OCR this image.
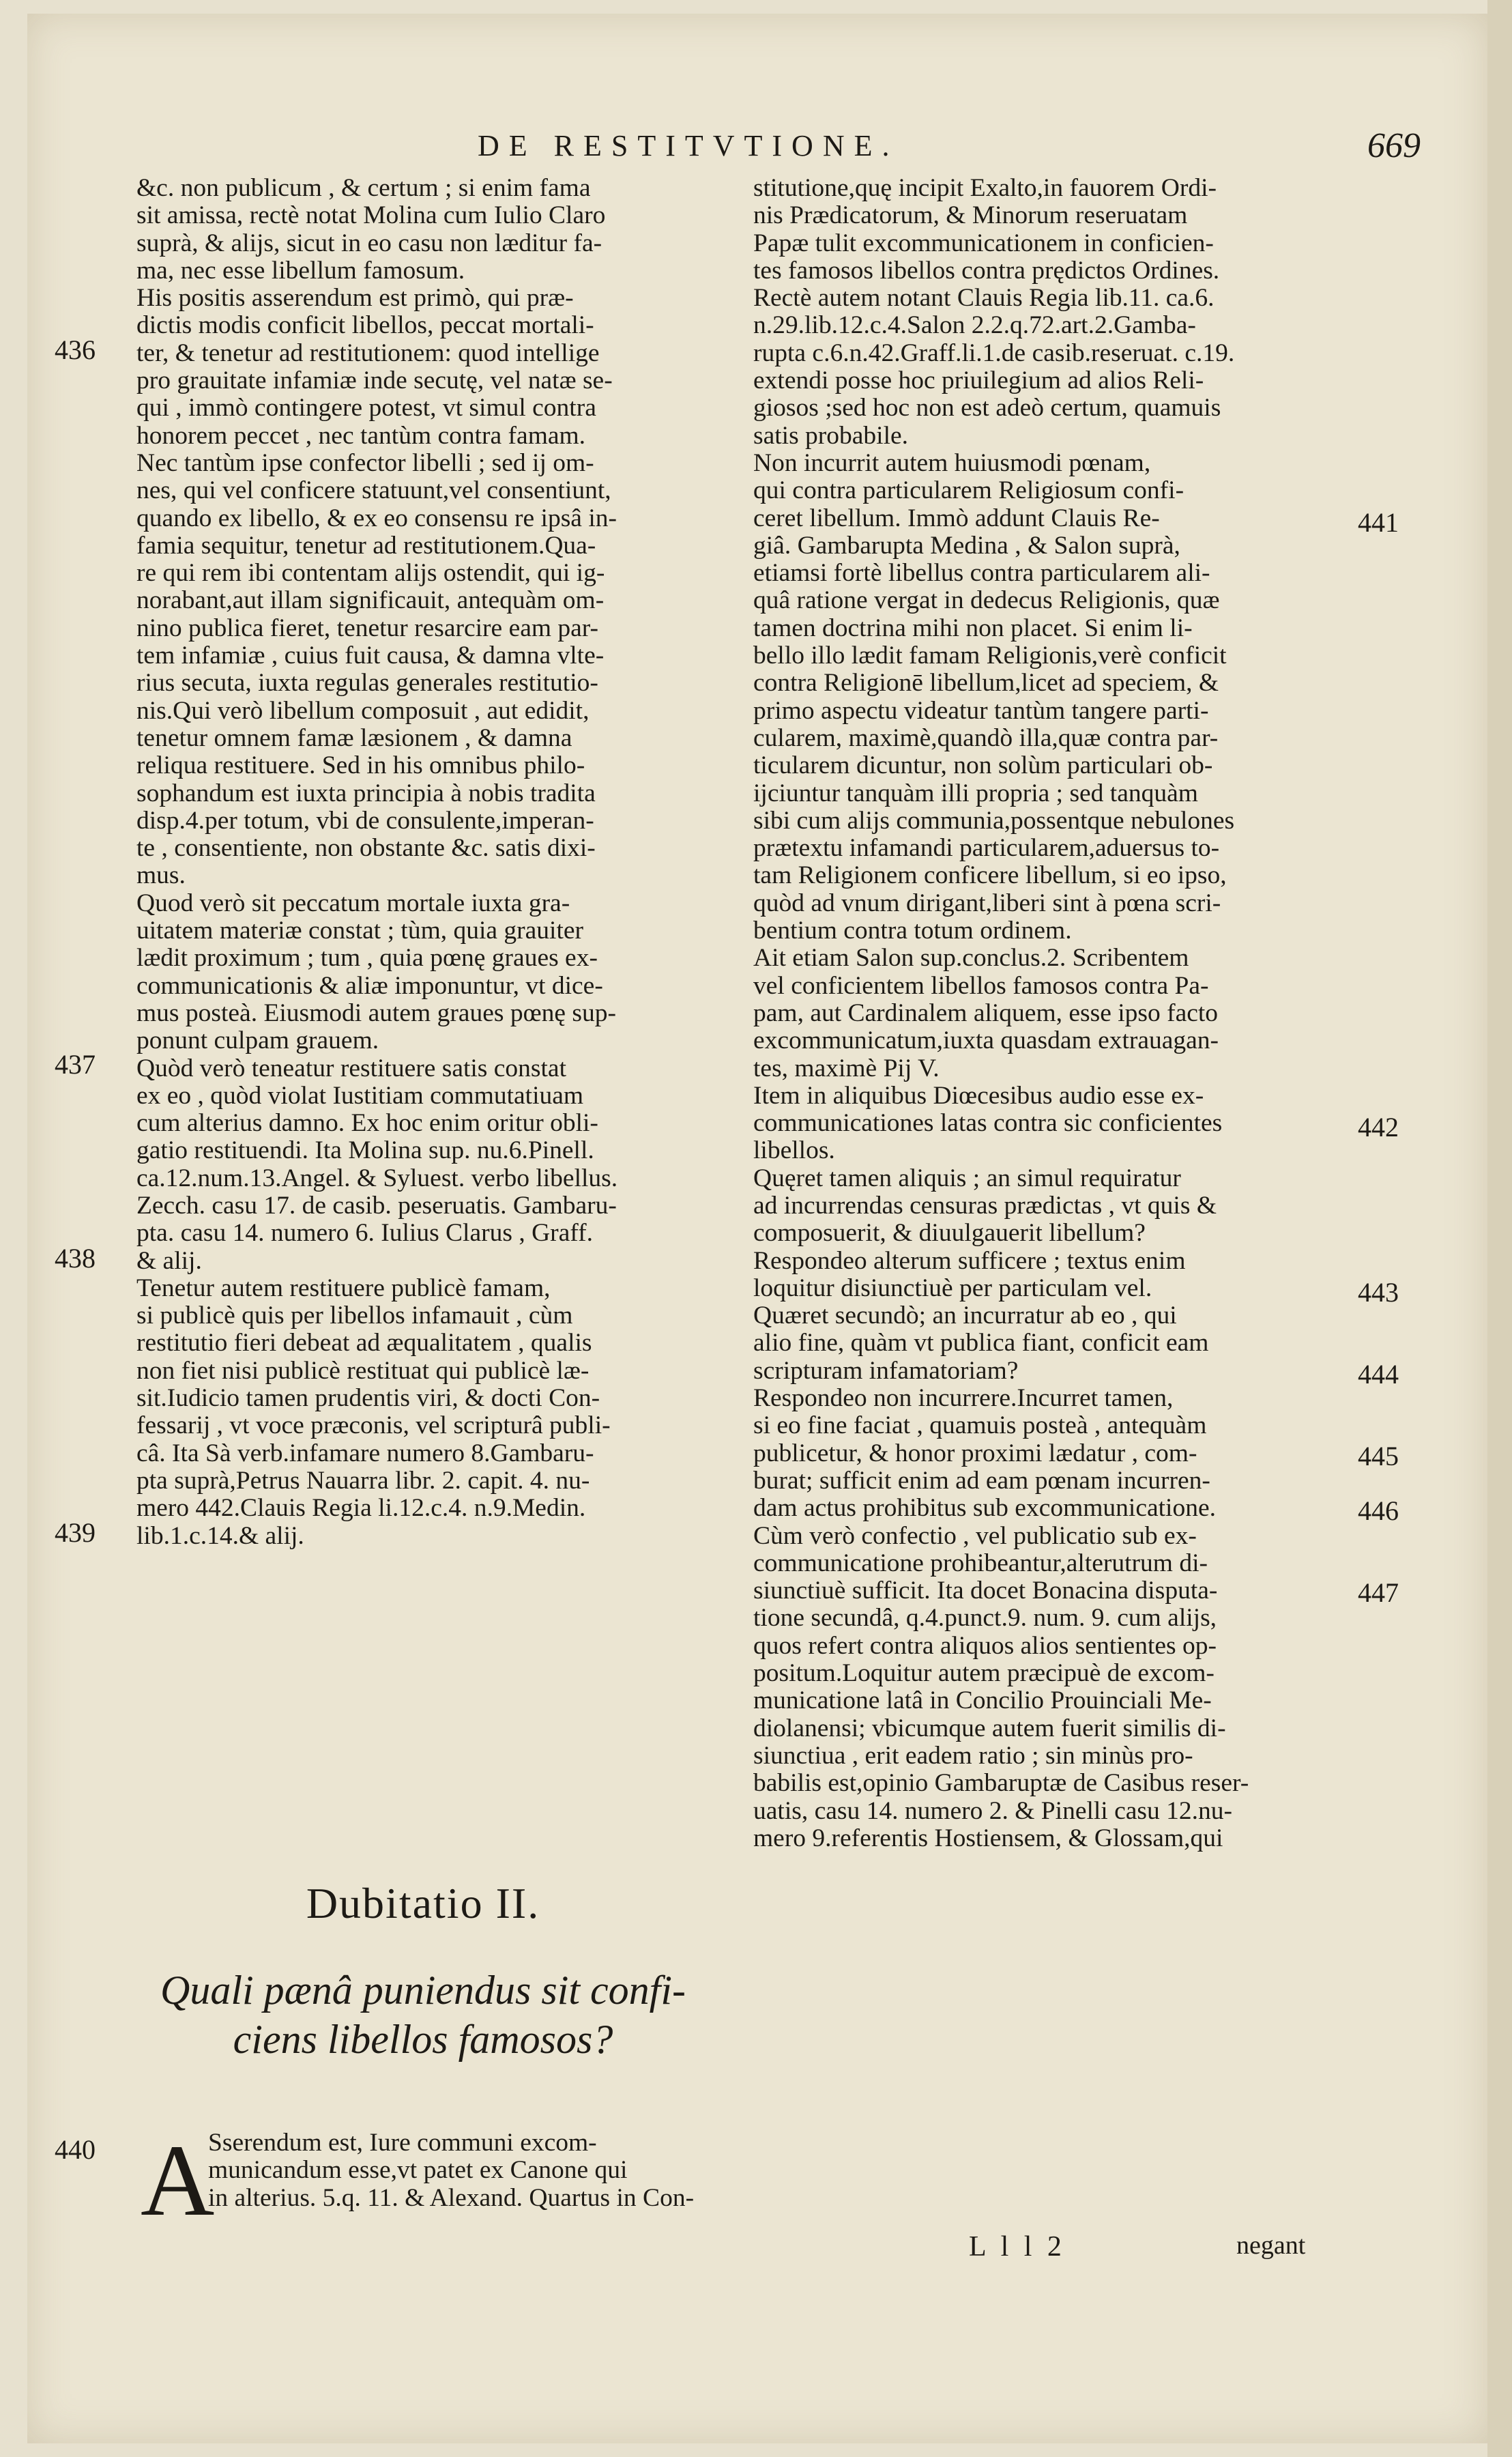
DE RESTITVTIONE.	669
&c. non publicum , & certum ; si enim fama
sit amissa, rectè notat Molina cum Iulio Claro
suprà, & alijs, sicut in eo casu non læditur fa-
ma, nec esse libellum famosum.
His positis asserendum est primò, qui præ-
dictis modis conficit libellos, peccat mortali-
ter, & tenetur ad restitutionem: quod intellige
pro grauitate infamiæ inde secutę, vel natæ se-
qui , immò contingere potest, vt simul contra
honorem peccet , nec tantùm contra famam.
Nec tantùm ipse confector libelli ; sed ij om-
nes, qui vel conficere statuunt,vel consentiunt,
quando ex libello, & ex eo consensu re ipsâ in-
famia sequitur, tenetur ad restitutionem.Qua-
re qui rem ibi contentam alijs ostendit, qui ig-
norabant,aut illam significauit, antequàm om-
nino publica fieret, tenetur resarcire eam par-
tem infamiæ , cuius fuit causa, & damna vlte-
rius secuta, iuxta regulas generales restitutio-
nis.Qui verò libellum composuit , aut edidit,
tenetur omnem famæ læsionem , & damna
reliqua restituere. Sed in his omnibus philo-
sophandum est iuxta principia à nobis tradita
disp.4.per totum, vbi de consulente,imperan-
te , consentiente, non obstante &c. satis dixi-
mus.
Quod verò sit peccatum mortale iuxta gra-
uitatem materiæ constat ; tùm, quia grauiter
lædit proximum ; tum , quia pœnę graues ex-
communicationis & aliæ imponuntur, vt dice-
mus posteà. Eiusmodi autem graues pœnę sup-
ponunt culpam grauem.
Quòd verò teneatur restituere satis constat
ex eo , quòd violat Iustitiam commutatiuam
cum alterius damno. Ex hoc enim oritur obli-
gatio restituendi. Ita Molina sup. nu.6.Pinell.
ca.12.num.13.Angel. & Syluest. verbo libellus.
Zecch. casu 17. de casib. peseruatis. Gambaru-
pta. casu 14. numero 6. Iulius Clarus , Graff.
& alij.
Tenetur autem restituere publicè famam,
si publicè quis per libellos infamauit , cùm
restitutio fieri debeat ad æqualitatem , qualis
non fiet nisi publicè restituat qui publicè læ-
sit.Iudicio tamen prudentis viri, & docti Con-
fessarij , vt voce præconis, vel scripturâ publi-
câ. Ita Sà verb.infamare numero 8.Gambaru-
pta suprà,Petrus Nauarra libr. 2. capit. 4. nu-
mero 442.Clauis Regia li.12.c.4. n.9.Medin.
lib.1.c.14.& alij.
436
437
438
439
Dubitatio II.
Quali pænâ puniendus sit confi- ciens libellos famosos?
440 A
Sserendum est, Iure communi excom-
municandum esse,vt patet ex Canone qui
in alterius. 5.q. 11. & Alexand. Quartus in Con-
stitutione,quę incipit Exalto,in fauorem Ordi-
nis Prædicatorum, & Minorum reseruatam
Papæ tulit excommunicationem in conficien-
tes famosos libellos contra prędictos Ordines.
Rectè autem notant Clauis Regia lib.11. ca.6.
n.29.lib.12.c.4.Salon 2.2.q.72.art.2.Gamba-
rupta c.6.n.42.Graff.li.1.de casib.reseruat. c.19.
extendi posse hoc priuilegium ad alios Reli-
giosos ;sed hoc non est adeò certum, quamuis
satis probabile.
Non incurrit autem huiusmodi pœnam,
qui contra particularem Religiosum confi-
ceret libellum. Immò addunt Clauis Re-
giâ. Gambarupta Medina , & Salon suprà,
etiamsi fortè libellus contra particularem ali-
quâ ratione vergat in dedecus Religionis, quæ
tamen doctrina mihi non placet. Si enim li-
bello illo lædit famam Religionis,verè conficit
contra Religionē libellum,licet ad speciem, &
primo aspectu videatur tantùm tangere parti-
cularem, maximè,quandò illa,quæ contra par-
ticularem dicuntur, non solùm particulari ob-
ijciuntur tanquàm illi propria ; sed tanquàm
sibi cum alijs communia,possentque nebulones
prætextu infamandi particularem,aduersus to-
tam Religionem conficere libellum, si eo ipso,
quòd ad vnum dirigant,liberi sint à pœna scri-
bentium contra totum ordinem.
Ait etiam Salon sup.conclus.2. Scribentem
vel conficientem libellos famosos contra Pa-
pam, aut Cardinalem aliquem, esse ipso facto
excommunicatum,iuxta quasdam extrauagan-
tes, maximè Pij V.
Item in aliquibus Diœcesibus audio esse ex-
communicationes latas contra sic conficientes
libellos.
Quęret tamen aliquis ; an simul requiratur
ad incurrendas censuras prædictas , vt quis &
composuerit, & diuulgauerit libellum?
Respondeo alterum sufficere ; textus enim
loquitur disiunctiuè per particulam vel.
Quæret secundò; an incurratur ab eo , qui
alio fine, quàm vt publica fiant, conficit eam
scripturam infamatoriam?
Respondeo non incurrere.Incurret tamen,
si eo fine faciat , quamuis posteà , antequàm
publicetur, & honor proximi lædatur , com-
burat; sufficit enim ad eam pœnam incurren-
dam actus prohibitus sub excommunicatione.
Cùm verò confectio , vel publicatio sub ex-
communicatione prohibeantur,alterutrum di-
siunctiuè sufficit. Ita docet Bonacina disputa-
tione secundâ, q.4.punct.9. num. 9. cum alijs,
quos refert contra aliquos alios sentientes op-
positum.Loquitur autem præcipuè de excom-
municatione latâ in Concilio Prouinciali Me-
diolanensi; vbicumque autem fuerit similis di-
siunctiua , erit eadem ratio ; sin minùs pro-
babilis est,opinio Gambaruptæ de Casibus reser-
uatis, casu 14. numero 2. & Pinelli casu 12.nu-
mero 9.referentis Hostiensem, & Glossam,qui
441
442
443
444
445
446
447
L l l 2	negant
